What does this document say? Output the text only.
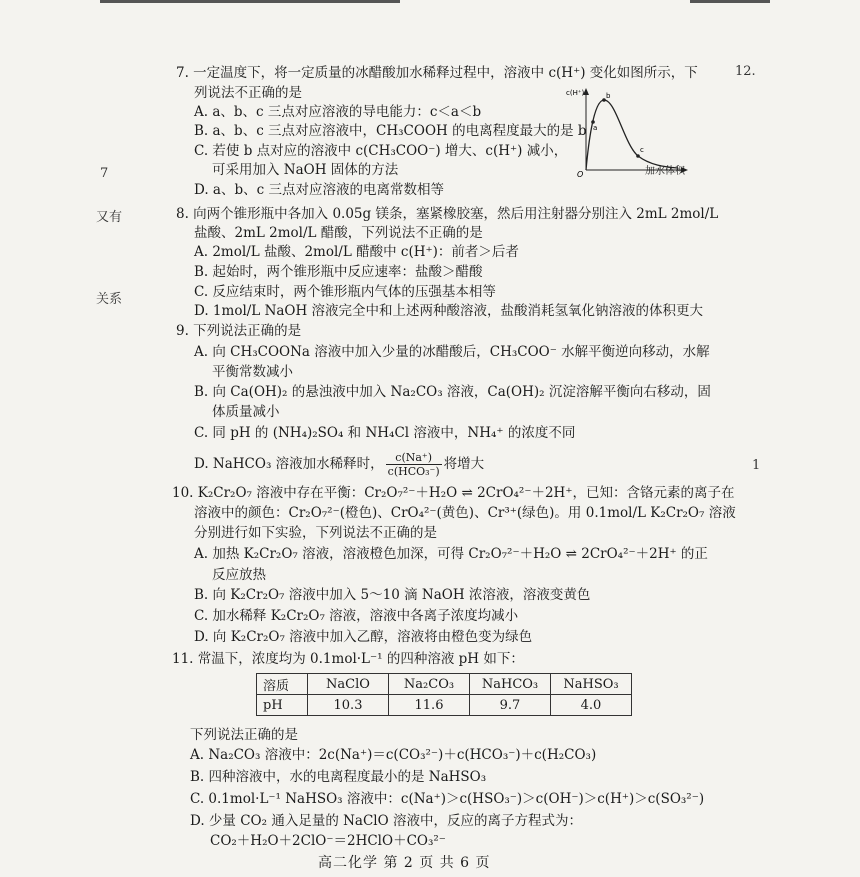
7
又有
关系
12.
1
7. 一定温度下，将一定质量的冰醋酸加水稀释过程中，溶液中 c(H⁺) 变化如图所示，下
列说法不正确的是
A. a、b、c 三点对应溶液的导电能力：c＜a＜b
B. a、b、c 三点对应溶液中，CH₃COOH 的电离程度最大的是 b
C. 若使 b 点对应的溶液中 c(CH₃COO⁻) 增大、c(H⁺) 减小，
可采用加入 NaOH 固体的方法
D. a、b、c 三点对应溶液的电离常数相等
c(H⁺)
O
a
b
c
加水体积
8. 向两个锥形瓶中各加入 0.05g 镁条，塞紧橡胶塞，然后用注射器分别注入 2mL 2mol/L
盐酸、2mL 2mol/L 醋酸，下列说法不正确的是
A. 2mol/L 盐酸、2mol/L 醋酸中 c(H⁺)：前者＞后者
B. 起始时，两个锥形瓶中反应速率：盐酸＞醋酸
C. 反应结束时，两个锥形瓶内气体的压强基本相等
D. 1mol/L NaOH 溶液完全中和上述两种酸溶液，盐酸消耗氢氧化钠溶液的体积更大
9. 下列说法正确的是
A. 向 CH₃COONa 溶液中加入少量的冰醋酸后，CH₃COO⁻ 水解平衡逆向移动，水解
平衡常数减小
B. 向 Ca(OH)₂ 的悬浊液中加入 Na₂CO₃ 溶液，Ca(OH)₂ 沉淀溶解平衡向右移动，固
体质量减小
C. 同 pH 的 (NH₄)₂SO₄ 和 NH₄Cl 溶液中，NH₄⁺ 的浓度不同
D. NaHCO₃ 溶液加水稀释时， $\frac{c(Na^+)}{\text{c(HCO₃⁻)}}$ 将增大
10. K₂Cr₂O₇ 溶液中存在平衡：Cr₂O₇²⁻＋H₂O ⇌ 2CrO₄²⁻＋2H⁺，已知：含铬元素的离子在
溶液中的颜色：Cr₂O₇²⁻(橙色)、CrO₄²⁻(黄色)、Cr³⁺(绿色)。用 0.1mol/L K₂Cr₂O₇ 溶液
分别进行如下实验，下列说法不正确的是
A. 加热 K₂Cr₂O₇ 溶液，溶液橙色加深，可得 Cr₂O₇²⁻＋H₂O ⇌ 2CrO₄²⁻＋2H⁺ 的正
反应放热
B. 向 K₂Cr₂O₇ 溶液中加入 5～10 滴 NaOH 浓溶液，溶液变黄色
C. 加水稀释 K₂Cr₂O₇ 溶液，溶液中各离子浓度均减小
D. 向 K₂Cr₂O₇ 溶液中加入乙醇，溶液将由橙色变为绿色
11. 常温下，浓度均为 0.1mol·L⁻¹ 的四种溶液 pH 如下：
溶质	NaClO	Na₂CO₃	NaHCO₃	NaHSO₃
pH	10.3	11.6	9.7	4.0
下列说法正确的是
A. Na₂CO₃ 溶液中：2c(Na⁺)＝c(CO₃²⁻)＋c(HCO₃⁻)＋c(H₂CO₃)
B. 四种溶液中，水的电离程度最小的是 NaHSO₃
C. 0.1mol·L⁻¹ NaHSO₃ 溶液中：c(Na⁺)＞c(HSO₃⁻)＞c(OH⁻)＞c(H⁺)＞c(SO₃²⁻)
D. 少量 CO₂ 通入足量的 NaClO 溶液中，反应的离子方程式为：
CO₂＋H₂O＋2ClO⁻＝2HClO＋CO₃²⁻
高二化学 第 2 页 共 6 页
